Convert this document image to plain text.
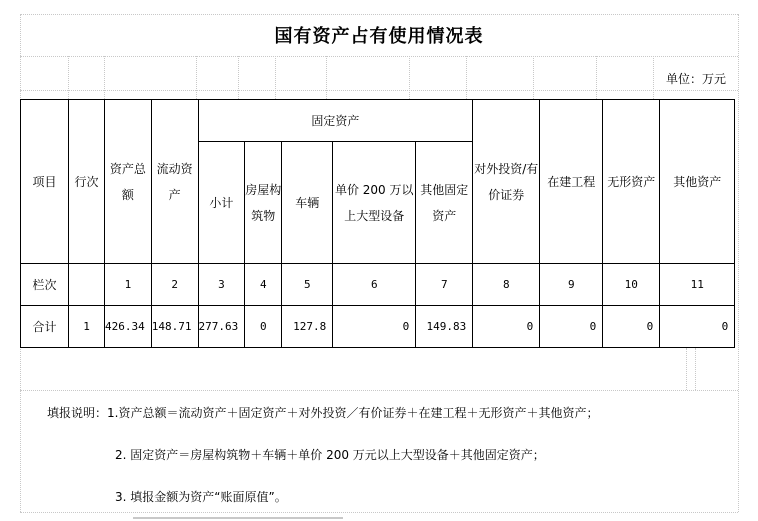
国有资产占有使用情况表
单位：万元
项目	行次	资产总额	流动资产	固定资产					对外投资/有价证券	在建工程	无形资产	其他资产
				小计	房屋构筑物	车辆	单价 200 万以上大型设备	其他固定资产				
栏次		1	2	3	4	5	6	7	8	9	10	11
合计	1	426.34	148.71	277.63	0	127.8	0	149.83	0	0	0	0
填报说明：1.资产总额＝流动资产＋固定资产＋对外投资／有价证券＋在建工程＋无形资产＋其他资产；
2. 固定资产＝房屋构筑物＋车辆＋单价 200 万元以上大型设备＋其他固定资产；
3. 填报金额为资产“账面原值”。
